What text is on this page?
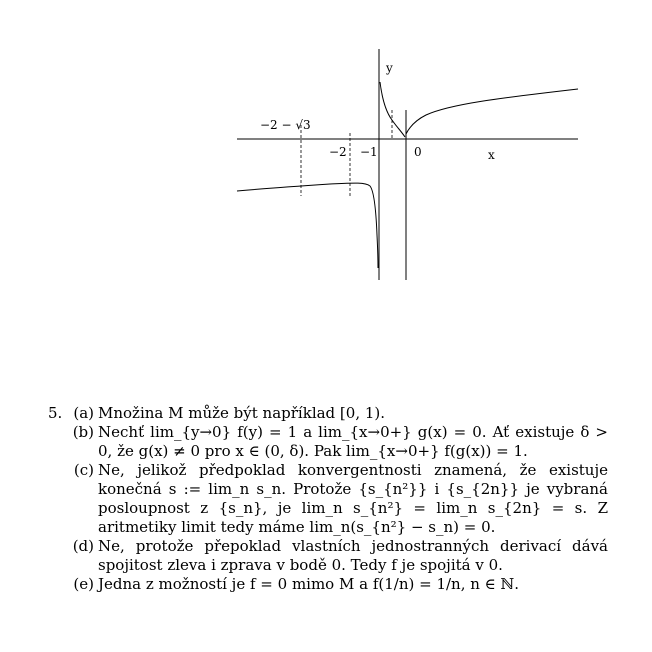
y
x
0
−1
−2
−2 − √3
5. (a) Množina M může být například [0, 1).
(b) Nechť lim_{y→0} f(y) = 1 a lim_{x→0+} g(x) = 0. Ať existuje δ > 0, že g(x) ≠ 0 pro x ∈ (0, δ). Pak lim_{x→0+} f(g(x)) = 1.
(c) Ne, jelikož předpoklad konvergentnosti znamená, že existuje konečná s := lim_n s_n. Protože {s_{n²}} i {s_{2n}} je vybraná posloupnost z {s_n}, je lim_n s_{n²} = lim_n s_{2n} = s. Z aritmetiky limit tedy máme lim_n(s_{n²} − s_n) = 0.
(d) Ne, protože přepoklad vlastních jednostranných derivací dává spojitost zleva i zprava v bodě 0. Tedy f je spojitá v 0.
(e) Jedna z možností je f = 0 mimo M a f(1/n) = 1/n, n ∈ ℕ.
